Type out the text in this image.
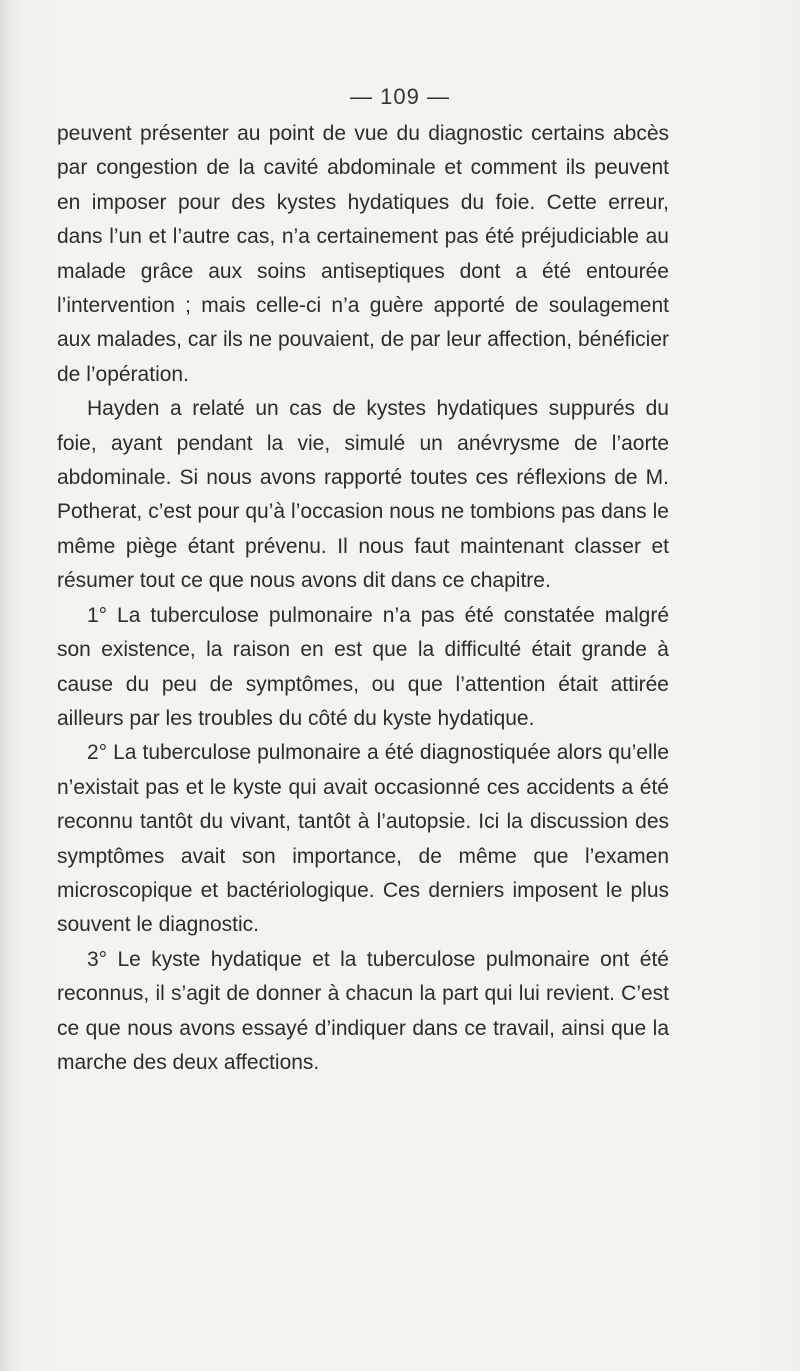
— 109 —

peuvent présenter au point de vue du diagnostic certains abcès par congestion de la cavité abdominale et comment ils peuvent en imposer pour des kystes hydatiques du foie. Cette erreur, dans l’un et l’autre cas, n’a certainement pas été préjudiciable au malade grâce aux soins antiseptiques dont a été entourée l’intervention ; mais celle-ci n’a guère apporté de soulagement aux malades, car ils ne pouvaient, de par leur affection, bénéficier de l’opération.

Hayden a relaté un cas de kystes hydatiques suppurés du foie, ayant pendant la vie, simulé un anévrysme de l’aorte abdominale. Si nous avons rapporté toutes ces réflexions de M. Potherat, c’est pour qu’à l’occasion nous ne tombions pas dans le même piège étant prévenu. Il nous faut maintenant classer et résumer tout ce que nous avons dit dans ce chapitre.

1° La tuberculose pulmonaire n’a pas été constatée malgré son existence, la raison en est que la difficulté était grande à cause du peu de symptômes, ou que l’attention était attirée ailleurs par les troubles du côté du kyste hydatique.

2° La tuberculose pulmonaire a été diagnostiquée alors qu’elle n’existait pas et le kyste qui avait occasionné ces accidents a été reconnu tantôt du vivant, tantôt à l’autopsie. Ici la discussion des symptômes avait son importance, de même que l’examen microscopique et bactériologique. Ces derniers imposent le plus souvent le diagnostic.

3° Le kyste hydatique et la tuberculose pulmonaire ont été reconnus, il s’agit de donner à chacun la part qui lui revient. C’est ce que nous avons essayé d’indiquer dans ce travail, ainsi que la marche des deux affections.
